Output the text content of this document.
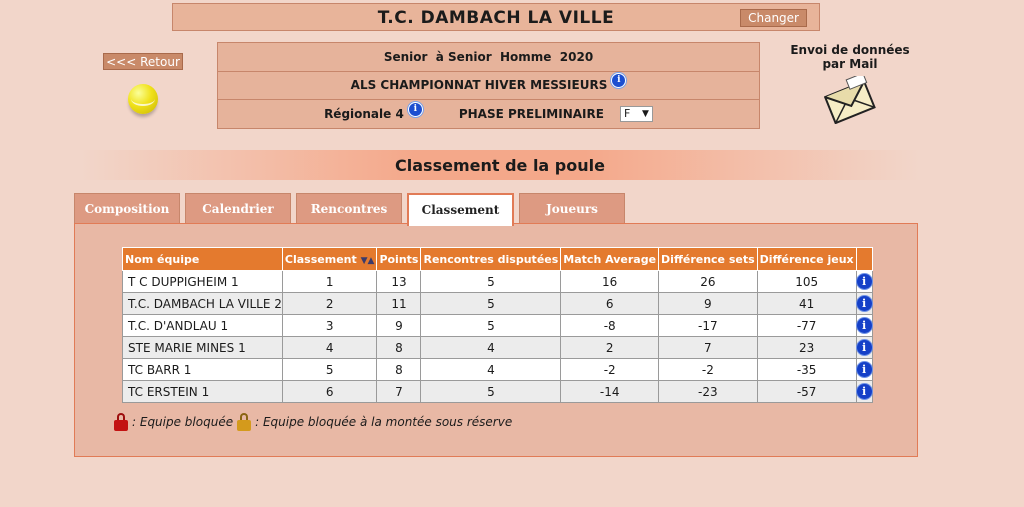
T.C. DAMBACH LA VILLE	Changer
<<< Retour	Senior  à Senior  Homme  2020
ALS CHAMPIONNAT HIVER MESSIEURS	i
Régionale 4	i	PHASE PRELIMINAIRE	F ▼
Envoi de données
par Mail
Classement de la poule
Composition	Calendrier	Rencontres	Classement	Joueurs
Nom équipe	Classement ▼▲	Points	Rencontres disputées	Match Average	Différence sets	Différence jeux	
T C DUPPIGHEIM 1	1	13	5	16	26	105	i
T.C. DAMBACH LA VILLE 2	2	11	5	6	9	41	i
T.C. D'ANDLAU 1	3	9	5	-8	-17	-77	i
STE MARIE MINES 1	4	8	4	2	7	23	i
TC BARR 1	5	8	4	-2	-2	-35	i
TC ERSTEIN 1	6	7	5	-14	-23	-57	i
: Equipe bloquée : Equipe bloquée à la montée sous réserve
